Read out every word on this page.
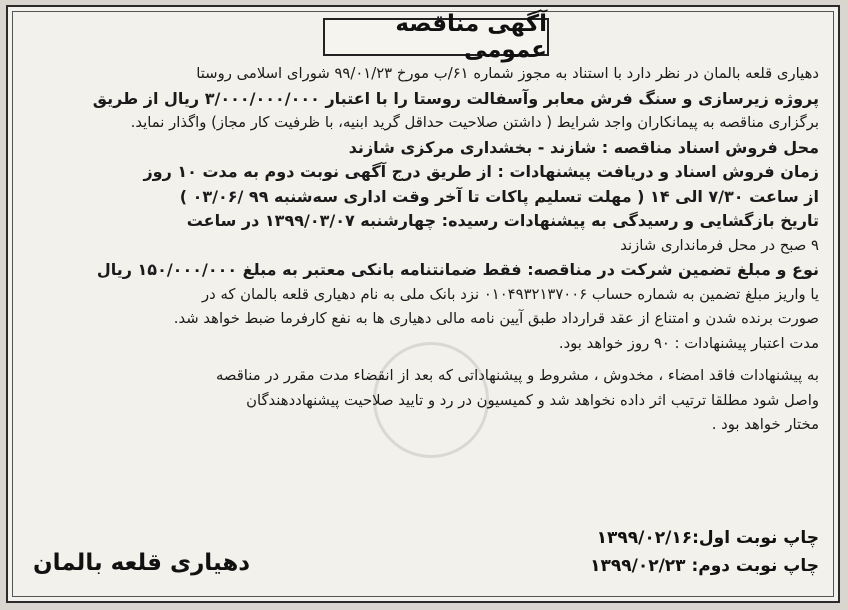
آگهی مناقصه عمومی
دهیاری قلعه بالمان در نظر دارد با استناد به مجوز شماره ۶۱/ب مورخ ۹۹/۰۱/۲۳ شورای اسلامی روستا
پروژه زیرسازی و سنگ فرش معابر وآسفالت روستا را با اعتبار ۳/۰۰۰/۰۰۰/۰۰۰ ریال از طریق
برگزاری مناقصه به پیمانکاران واجد شرایط ( داشتن صلاحیت حداقل گرید ابنیه، با ظرفیت کار مجاز) واگذار نماید.
محل فروش اسناد مناقصه : شازند - بخشداری مرکزی شازند
زمان فروش اسناد و دریافت پیشنهادات : از طریق درج آگهی نوبت دوم به مدت ۱۰ روز
از ساعت ۷/۳۰ الی ۱۴ ( مهلت تسلیم پاکات تا آخر وقت اداری سه‌شنبه ۹۹ /۰۳/۰۶ )
تاریخ بازگشایی و رسیدگی به پیشنهادات رسیده: چهارشنبه ۱۳۹۹/۰۳/۰۷ در ساعت
۹ صبح در محل فرمانداری شازند
نوع و مبلغ تضمین شرکت در مناقصه: فقط ضمانتنامه بانکی معتبر به مبلغ ۱۵۰/۰۰۰/۰۰۰ ریال
یا واریز مبلغ تضمین به شماره حساب ۰۱۰۴۹۳۲۱۳۷۰۰۶ نزد بانک ملی به نام دهیاری قلعه بالمان که در
صورت برنده شدن و امتناع از عقد قرارداد طبق آیین نامه مالی دهیاری ها به نفع کارفرما ضبط خواهد شد.
مدت اعتبار پیشنهادات : ۹۰ روز خواهد بود.
به پیشنهادات فاقد امضاء ، مخدوش ، مشروط و پیشنهاداتی که بعد از انقضاء مدت مقرر در مناقصه
واصل شود مطلقا ترتیب اثر داده نخواهد شد و کمیسیون در رد و تایید صلاحیت پیشنهاددهندگان
مختار خواهد بود .
چاپ نوبت اول:۱۳۹۹/۰۲/۱۶
چاپ نوبت دوم: ۱۳۹۹/۰۲/۲۳
دهیاری قلعه بالمان
